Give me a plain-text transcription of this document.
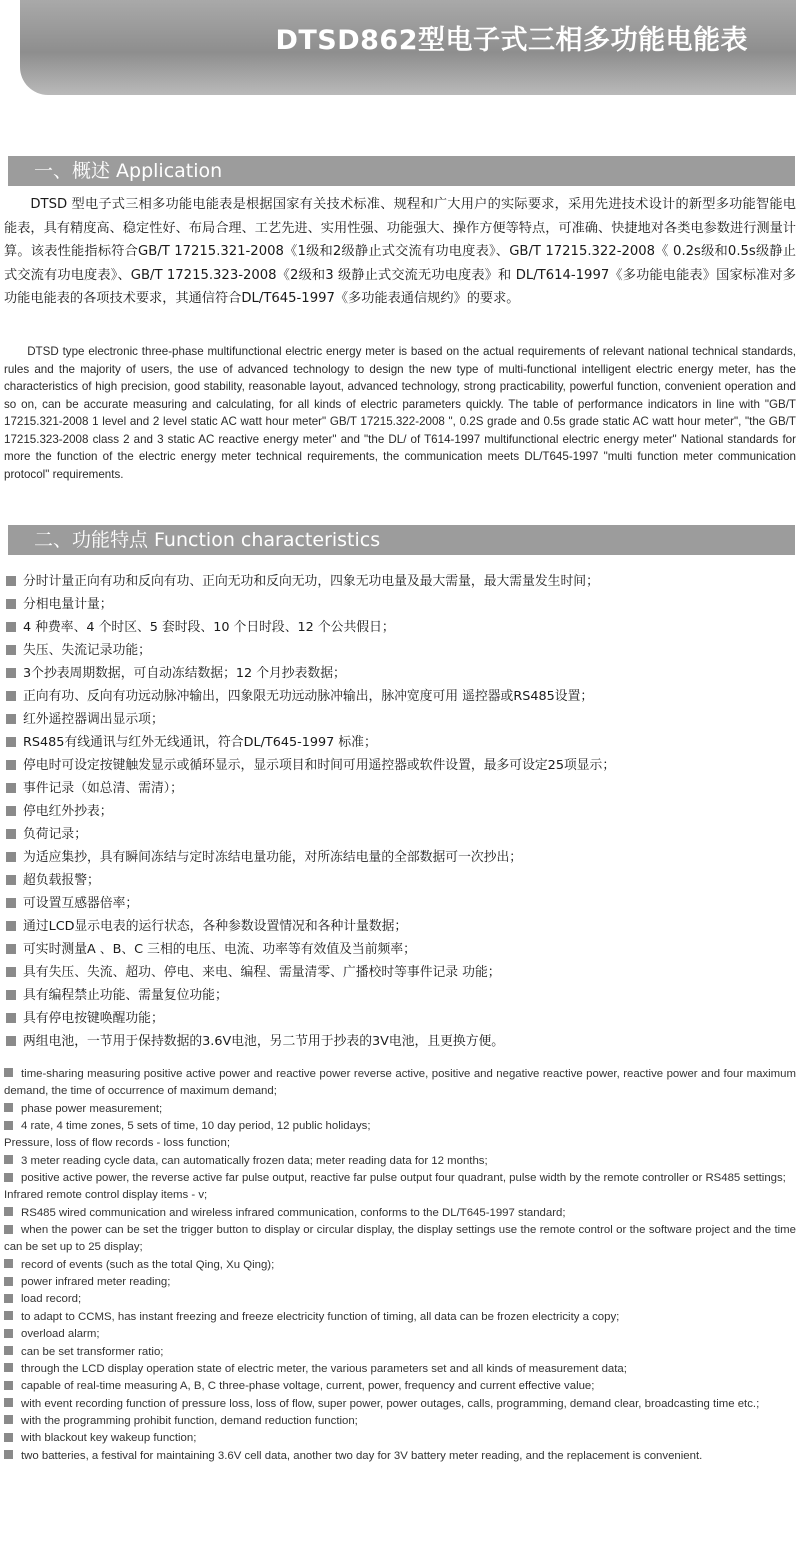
DTSD862型电子式三相多功能电能表
一、概述 Application

DTSD 型电子式三相多功能电能表是根据国家有关技术标准、规程和广大用户的实际要求，采用先进技术设计的新型多功能智能电能表，具有精度高、稳定性好、布局合理、工艺先进、实用性强、功能强大、操作方便等特点，可准确、快捷地对各类电参数进行测量计算。该表性能指标符合GB/T 17215.321-2008《1级和2级静止式交流有功电度表》、GB/T 17215.322-2008《 0.2s级和0.5s级静止式交流有功电度表》、GB/T 17215.323-2008《2级和3 级静止式交流无功电度表》和 DL/T614-1997《多功能电能表》国家标准对多功能电能表的各项技术要求，其通信符合DL/T645-1997《多功能表通信规约》的要求。

DTSD type electronic three-phase multifunctional electric energy meter is based on the actual requirements of relevant national technical standards, rules and the majority of users, the use of advanced technology to design the new type of multi-functional intelligent electric energy meter, has the characteristics of high precision, good stability, reasonable layout, advanced technology, strong practicability, powerful function, convenient operation and so on, can be accurate measuring and calculating, for all kinds of electric parameters quickly. The table of performance indicators in line with "GB/T 17215.321-2008 1 level and 2 level static AC watt hour meter" GB/T 17215.322-2008 ", 0.2S grade and 0.5s grade static AC watt hour meter", "the GB/T 17215.323-2008 class 2 and 3 static AC reactive energy meter" and "the DL/ of T614-1997 multifunctional electric energy meter" National standards for more the function of the electric energy meter technical requirements, the communication meets DL/T645-1997 "multi function meter communication protocol" requirements.

二、功能特点 Function characteristics
分时计量正向有功和反向有功、正向无功和反向无功，四象无功电量及最大需量，最大需量发生时间；
分相电量计量；
4 种费率、4 个时区、5 套时段、10 个日时段、12 个公共假日；
失压、失流记录功能；
3个抄表周期数据，可自动冻结数据；12 个月抄表数据；
正向有功、反向有功远动脉冲输出，四象限无功远动脉冲输出，脉冲宽度可用 遥控器或RS485设置；
红外遥控器调出显示项；
RS485有线通讯与红外无线通讯，符合DL/T645-1997 标准；
停电时可设定按键触发显示或循环显示，显示项目和时间可用遥控器或软件设置，最多可设定25项显示；
事件记录（如总清、需清）；
停电红外抄表；
负荷记录；
为适应集抄，具有瞬间冻结与定时冻结电量功能，对所冻结电量的全部数据可一次抄出；
超负载报警；
可设置互感器倍率；
通过LCD显示电表的运行状态，各种参数设置情况和各种计量数据；
可实时测量A 、B、C 三相的电压、电流、功率等有效值及当前频率；
具有失压、失流、超功、停电、来电、编程、需量清零、广播校时等事件记录 功能；
具有编程禁止功能、需量复位功能；
具有停电按键唤醒功能；
两组电池，一节用于保持数据的3.6V电池，另二节用于抄表的3V电池，且更换方便。
time-sharing measuring positive active power and reactive power reverse active, positive and negative reactive power, reactive power and four maximum demand, the time of occurrence of maximum demand;
phase power measurement;
4 rate, 4 time zones, 5 sets of time, 10 day period, 12 public holidays;
Pressure, loss of flow records - loss function;
3 meter reading cycle data, can automatically frozen data; meter reading data for 12 months;
positive active power, the reverse active far pulse output, reactive far pulse output four quadrant, pulse width by the remote controller or RS485 settings;
Infrared remote control display items - v;
RS485 wired communication and wireless infrared communication, conforms to the DL/T645-1997 standard;
when the power can be set the trigger button to display or circular display, the display settings use the remote control or the software project and the time can be set up to 25 display;
record of events (such as the total Qing, Xu Qing);
power infrared meter reading;
load record;
to adapt to CCMS, has instant freezing and freeze electricity function of timing, all data can be frozen electricity a copy;
overload alarm;
can be set transformer ratio;
through the LCD display operation state of electric meter, the various parameters set and all kinds of measurement data;
capable of real-time measuring A, B, C three-phase voltage, current, power, frequency and current effective value;
with event recording function of pressure loss, loss of flow, super power, power outages, calls, programming, demand clear, broadcasting time etc.;
with the programming prohibit function, demand reduction function;
with blackout key wakeup function;
two batteries, a festival for maintaining 3.6V cell data, another two day for 3V battery meter reading, and the replacement is convenient.
